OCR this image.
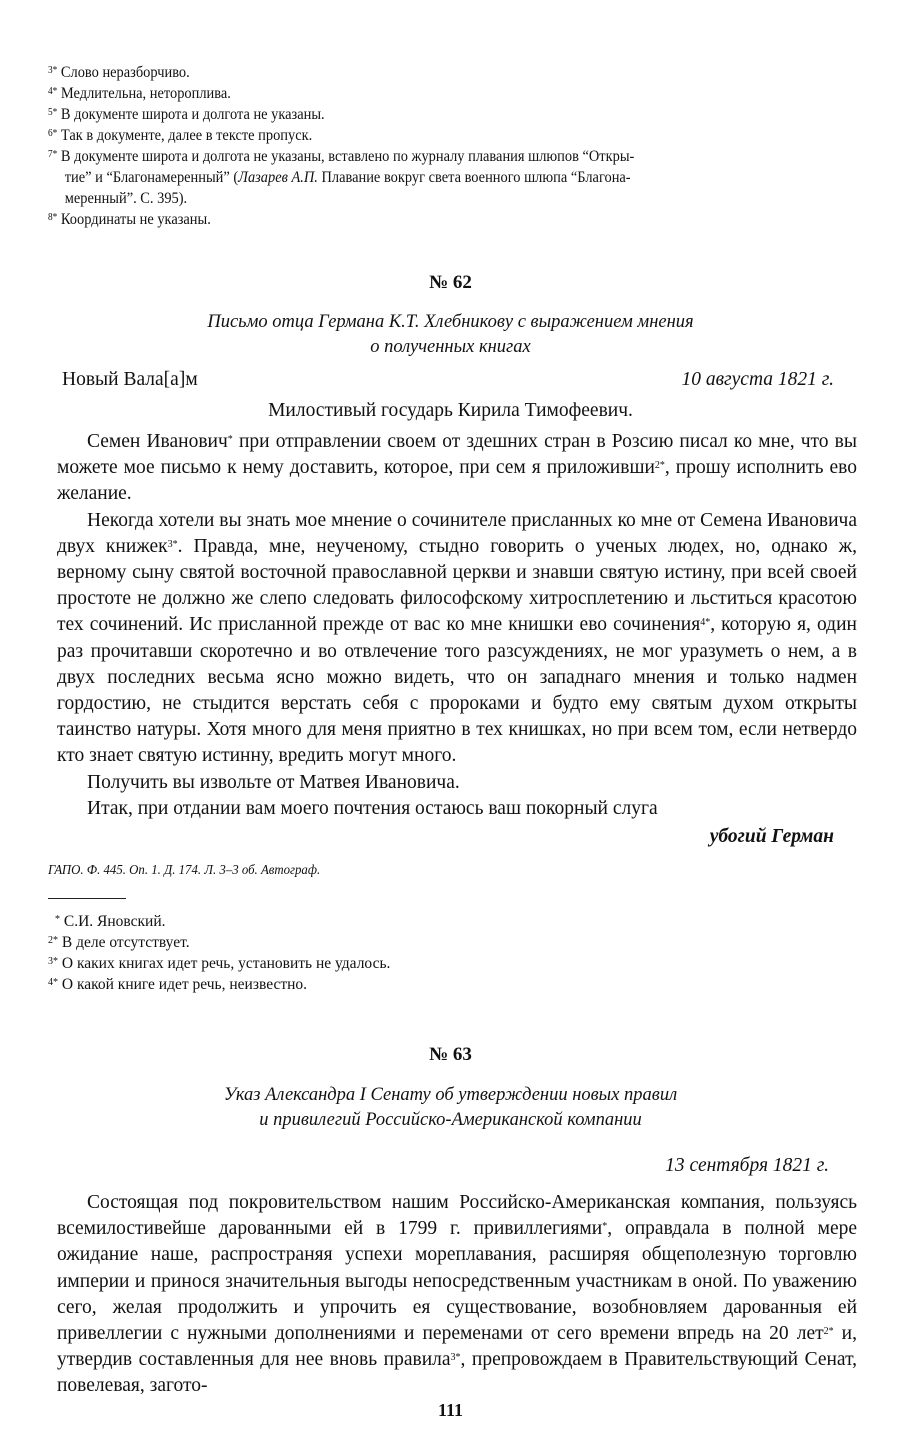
$^{3*}$ Слово неразборчиво.
$^{4*}$ Медлительна, нетороплива.
$^{5*}$ В документе широта и долгота не указаны.
$^{6*}$ Так в документе, далее в тексте пропуск.
$^{7*}$ В документе широта и долгота не указаны, вставлено по журналу плавания шлюпов “Откры-
тие” и “Благонамеренный” (Лазарев А.П. Плавание вокруг света военного шлюпа “Благона-
меренный”. С. 395).
$^{8*}$ Координаты не указаны.
№ 62
Письмо отца Германа К.Т. Хлебникову с выражением мнения
о полученных книгах
Новый Вала[а]м	10 августа 1821 г.
Милостивый государь Кирила Тимофеевич.

Семен Иванович* при отправлении своем от здешних стран в Розсию писал ко мне, что вы можете мое письмо к нему доставить, которое, при сем я приложивши$^{2*}$, прошу исполнить ево желание.

Некогда хотели вы знать мое мнение о сочинителе присланных ко мне от Семена Ивановича двух книжек$^{3*}$. Правда, мне, неученому, стыдно говорить о ученых людех, но, однако ж, верному сыну святой восточной православной церкви и знавши святую истину, при всей своей простоте не должно же слепо следовать философскому хитросплетению и льститься красотою тех сочинений. Ис присланной прежде от вас ко мне книшки ево сочинения$^{4*}$, которую я, один раз прочитавши скоротечно и во отвлечение того разсуждениях, не мог уразуметь о нем, а в двух последних весьма ясно можно видеть, что он западнаго мнения и только надмен гордостию, не стыдится верстать себя с пророками и будто ему святым духом открыты таинство натуры. Хотя много для меня приятно в тех книшках, но при всем том, если нетвердо кто знает святую истинну, вредить могут много.

Получить вы извольте от Матвея Ивановича.

Итак, при отдании вам моего почтения остаюсь ваш покорный слуга

убогий Герман
ГАПО. Ф. 445. Оп. 1. Д. 174. Л. 3–3 об. Автограф.
* С.И. Яновский.
$^{2*}$ В деле отсутствует.
$^{3*}$ О каких книгах идет речь, установить не удалось.
$^{4*}$ О какой книге идет речь, неизвестно.
№ 63
Указ Александра I Сенату об утверждении новых правил
и привилегий Российско-Американской компании
13 сентября 1821 г.

Состоящая под покровительством нашим Российско-Американская компания, пользуясь всемилостивейше дарованными ей в 1799 г. привиллегиями*, оправдала в полной мере ожидание наше, распространяя успехи мореплавания, расширяя общеполезную торговлю империи и принося значительныя выгоды непосредственным участникам в оной. По уважению сего, желая продолжить и упрочить ея существование, возобновляем дарованныя ей привеллегии с нужными дополнениями и переменами от сего времени впредь на 20 лет$^{2*}$ и, утвердив составленныя для нее вновь правила$^{3*}$, препровождаем в Правительствующий Сенат, повелевая, загото-

111
